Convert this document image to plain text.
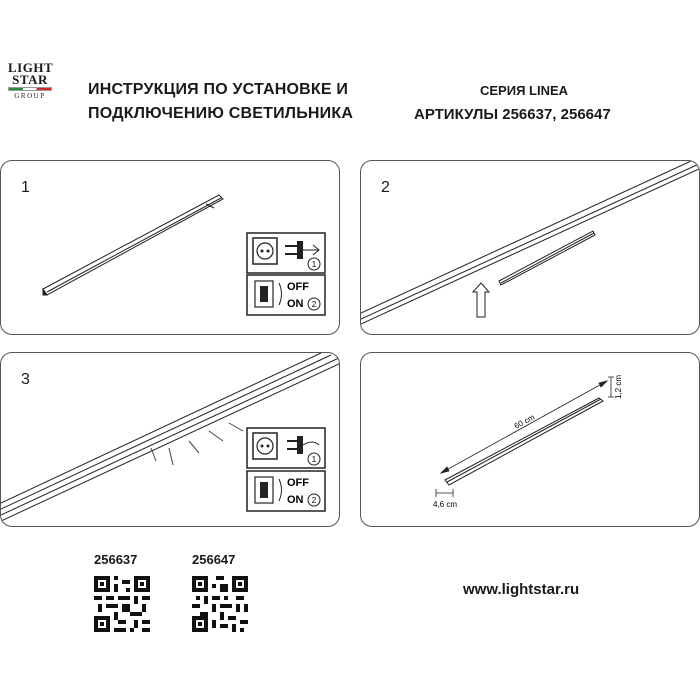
LIGHT
STAR
GROUP	ИНСТРУКЦИЯ ПО УСТАНОВКЕ И
ПОДКЛЮЧЕНИЮ СВЕТИЛЬНИКА
СЕРИЯ LINEA
АРТИКУЛЫ 256637, 256647
1
OFF
ON
1
2
2
3
OFF
ON
1
2
60 cm
1,2 cm
4,6 cm
256637	256647
www.lightstar.ru
